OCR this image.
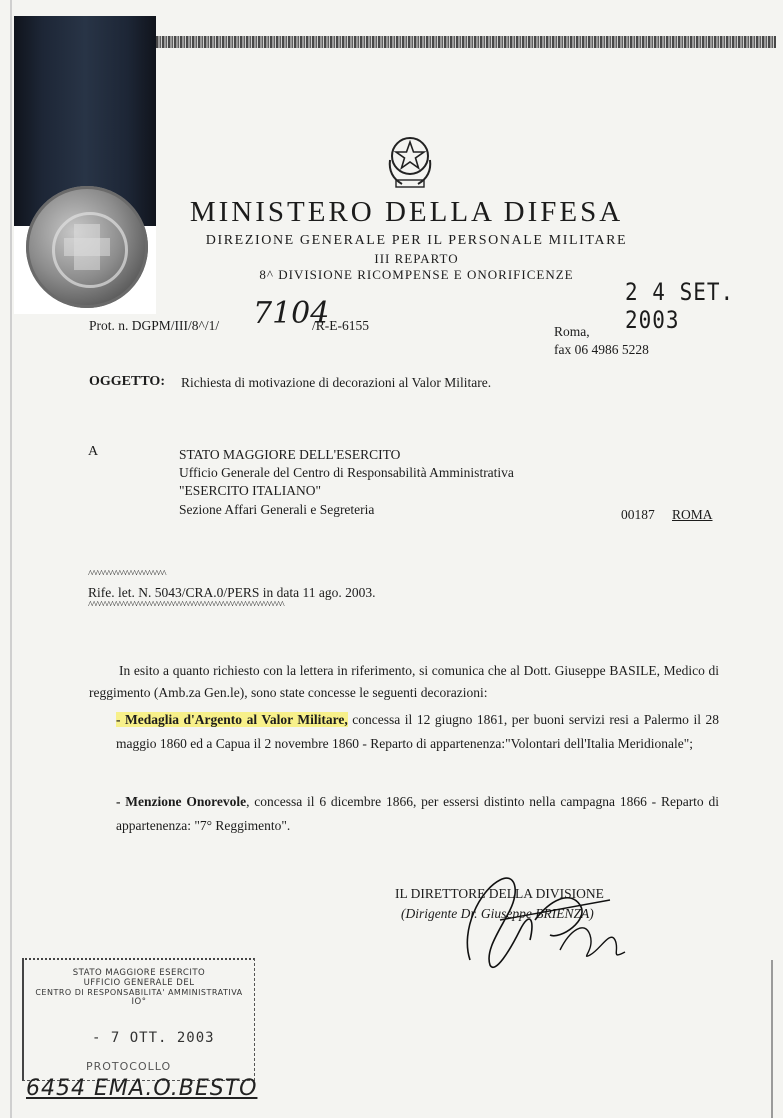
MINISTERO DELLA DIFESA
DIREZIONE GENERALE PER IL PERSONALE MILITARE
III REPARTO
8^ DIVISIONE RICOMPENSE E ONORIFICENZE
2 4 SET. 2003
Prot. n. DGPM/III/8^/1/ 7104
/R-E-6155	Roma,
fax 06 4986 5228
OGGETTO: Richiesta di motivazione di decorazioni al Valor Militare.
A	STATO MAGGIORE DELL'ESERCITO
Ufficio Generale del Centro di Responsabilità Amministrativa
"ESERCITO ITALIANO"
Sezione Affari Generali e Segreteria	00187 ROMA
^^^^^^^^^^^^^^^^^^^^^
Rife. let. N. 5043/CRA.0/PERS in data 11 ago. 2003.
^^^^^^^^^^^^^^^^^^^^^^^^^^^^^^^^^^^^^^^^^^^^^^^^^^^^^
In esito a quanto richiesto con la lettera in riferimento, si comunica che al Dott. Giuseppe BASILE, Medico di reggimento (Amb.za Gen.le), sono state concesse le seguenti decorazioni:
- Medaglia d'Argento al Valor Militare, concessa il 12 giugno 1861, per buoni servizi resi a Palermo il 28 maggio 1860 ed a Capua il 2 novembre 1860 - Reparto di appartenenza:"Volontari dell'Italia Meridionale";
- Menzione Onorevole, concessa il 6 dicembre 1866, per essersi distinto nella campagna 1866 - Reparto di appartenenza: "7° Reggimento".
IL DIRETTORE DELLA DIVISIONE
(Dirigente Dr. Giuseppe BRIENZA)
STATO MAGGIORE ESERCITO
UFFICIO GENERALE DEL
CENTRO DI RESPONSABILITA' AMMINISTRATIVA
IO°
- 7 OTT. 2003
PROTOCOLLO
6454 EMA.O.BESTO
